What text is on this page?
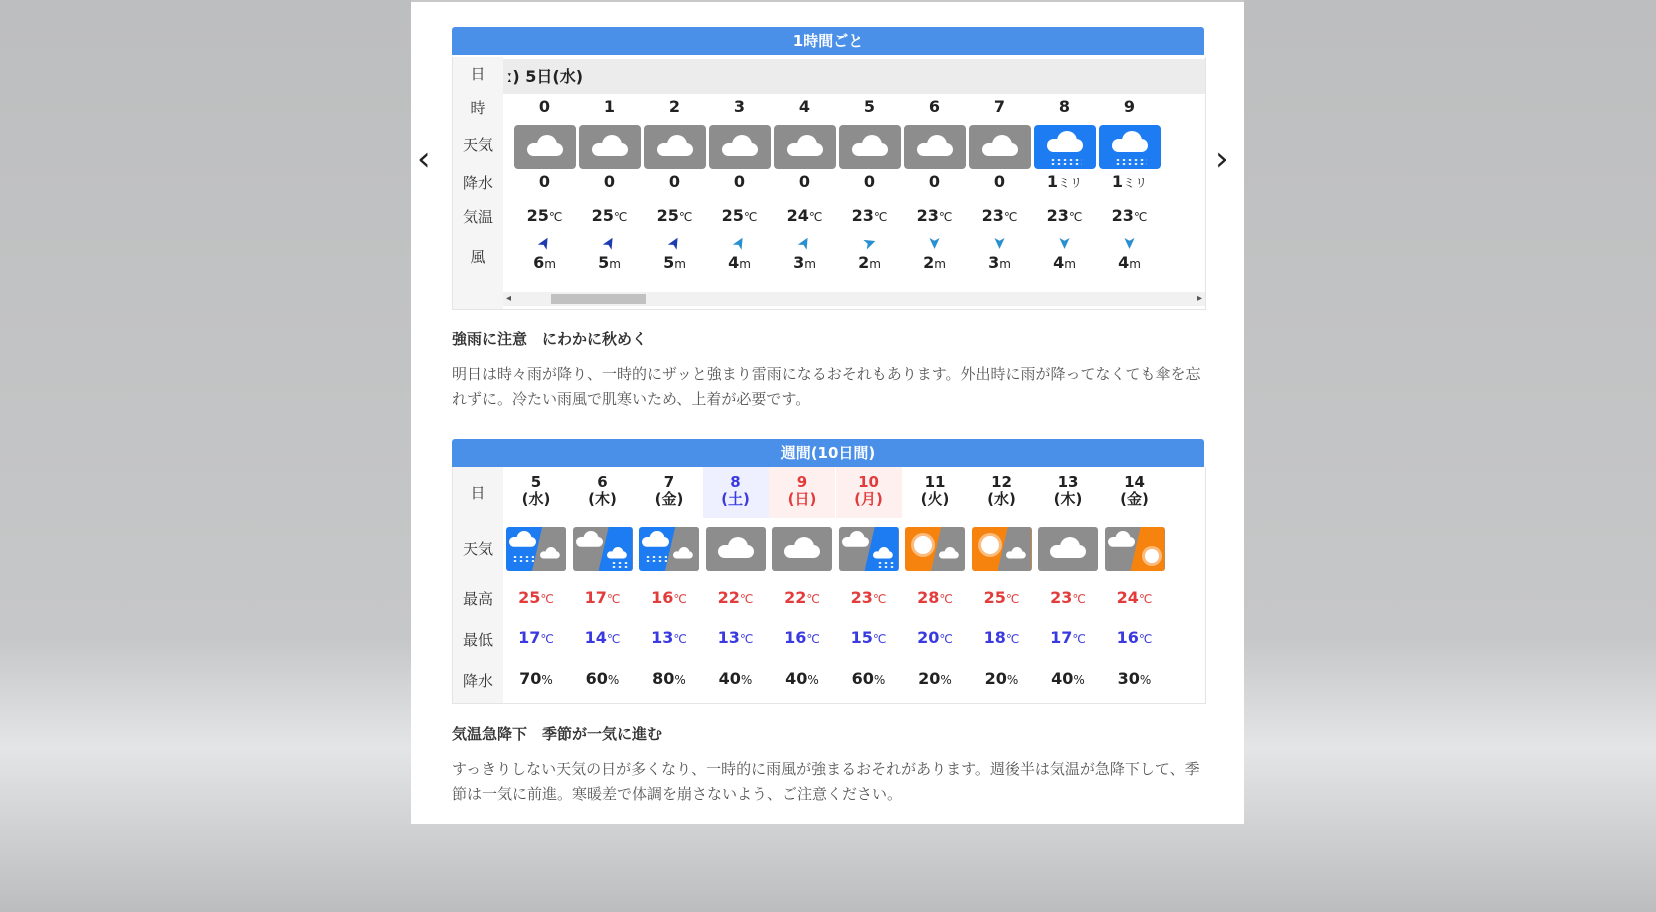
1時間ごと
日
時
天気
降水
気温
風
ː) 5日(水)
0
0
25℃
➤
6m
1
0
25℃
➤
5m
2
0
25℃
➤
5m
3
0
25℃
➤
4m
4
0
24℃
➤
3m
5
0
23℃
➤
2m
6
0
23℃
➤
2m
7
0
23℃
➤
3m
8
1ミリ
23℃
➤
4m
9
1ミリ
23℃
➤
4m
◂	▸
‹	›
強雨に注意　にわかに秋めく
明日は時々雨が降り、一時的にザッと強まり雷雨になるおそれもあります。外出時に雨が降ってなくても傘を忘れずに。冷たい雨風で肌寒いため、上着が必要です。
週間(10日間)
日
天気
最高
最低
降水
5
(水)
25℃
17℃
70%
6
(木)
17℃
14℃
60%
7
(金)
16℃
13℃
80%
8
(土)
22℃
13℃
40%
9
(日)
22℃
16℃
40%
10
(月)
23℃
15℃
60%
11
(火)
28℃
20℃
20%
12
(水)
25℃
18℃
20%
13
(木)
23℃
17℃
40%
14
(金)
24℃
16℃
30%
気温急降下　季節が一気に進む
すっきりしない天気の日が多くなり、一時的に雨風が強まるおそれがあります。週後半は気温が急降下して、季節は一気に前進。寒暖差で体調を崩さないよう、ご注意ください。
